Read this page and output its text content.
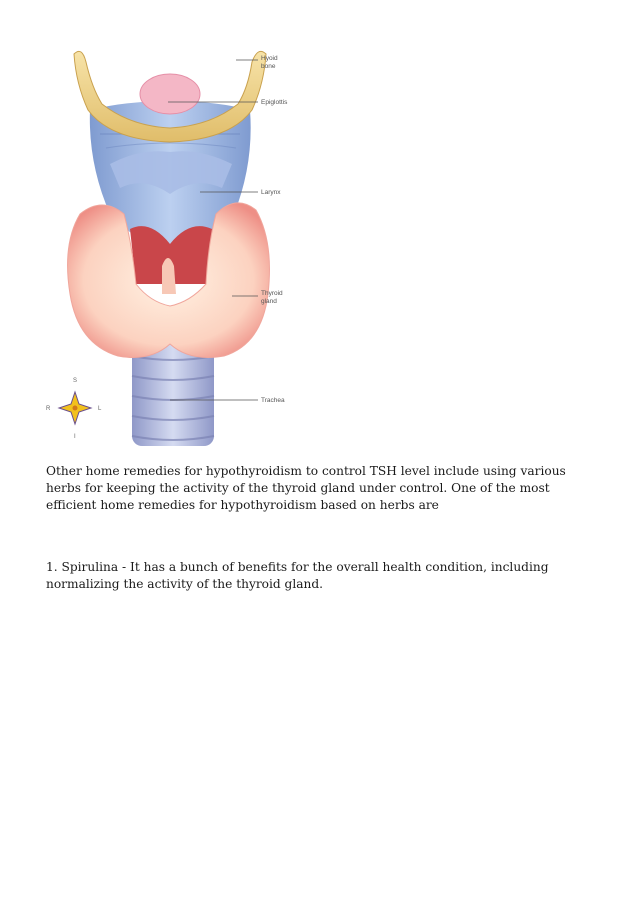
Hyoid
bone
Epiglottis
Larynx
Thyroid
gland
Trachea
S
R	L
I

Other home remedies for hypothyroidism to control TSH level include using various herbs for keeping the activity of the thyroid gland under control. One of the most efficient home remedies for hypothyroidism based on herbs are

1. Spirulina - It has a bunch of benefits for the overall health condition, including normalizing the activity of the thyroid gland.
